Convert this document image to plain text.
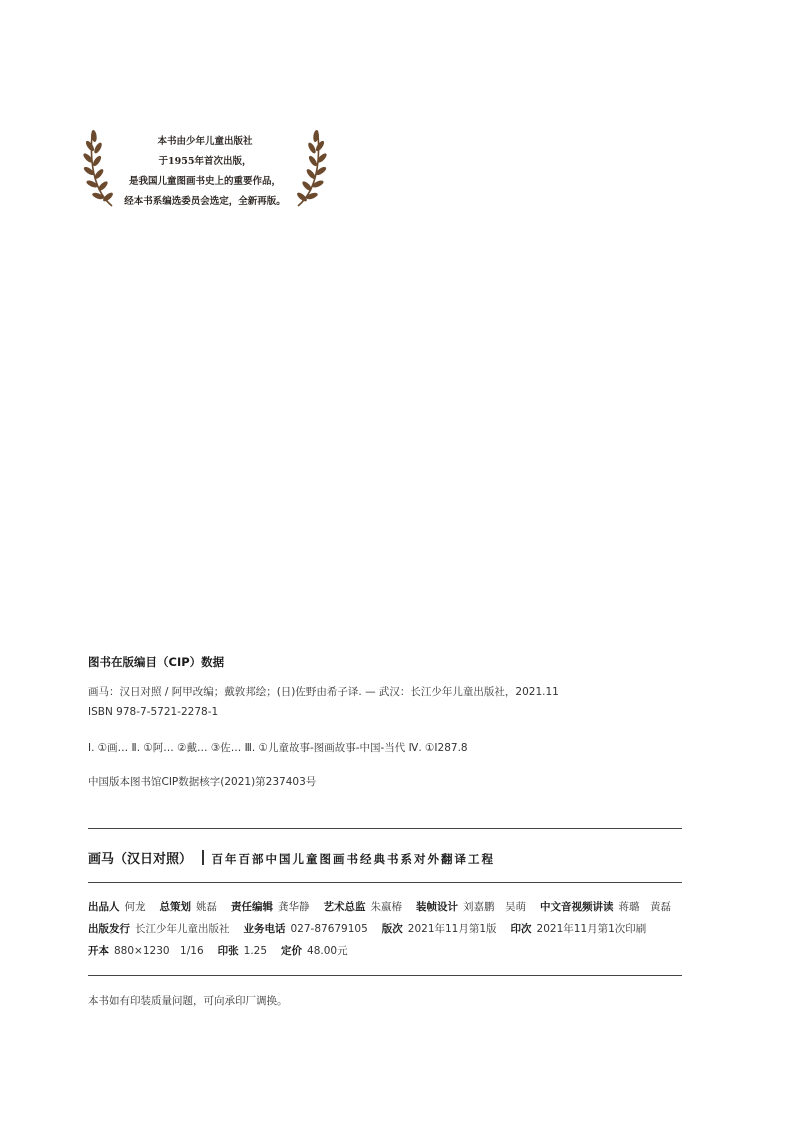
本书由少年儿童出版社
于1955年首次出版，
是我国儿童图画书史上的重要作品，
经本书系编选委员会选定，全新再版。
图书在版编目（CIP）数据
画马：汉日对照 / 阿甲改编；戴敦邦绘；(日)佐野由希子译. — 武汉：长江少年儿童出版社，2021.11
ISBN 978-7-5721-2278-1
Ⅰ. ①画… Ⅱ. ①阿… ②戴… ③佐… Ⅲ. ①儿童故事-图画故事-中国-当代 Ⅳ. ①I287.8
中国版本图书馆CIP数据核字(2021)第237403号
画马（汉日对照） 百年百部中国儿童图画书经典书系对外翻译工程
出品人 何龙 总策划 姚磊 责任编辑 龚华静 艺术总监 朱嬴椿 装帧设计 刘嘉鹏　吴萌 中文音视频讲读 蒋璐　黄磊
出版发行 长江少年儿童出版社 业务电话 027-87679105 版次 2021年11月第1版 印次 2021年11月第1次印刷
开本 880×1230　1/16 印张 1.25 定价 48.00元
本书如有印装质量问题，可向承印厂调换。
